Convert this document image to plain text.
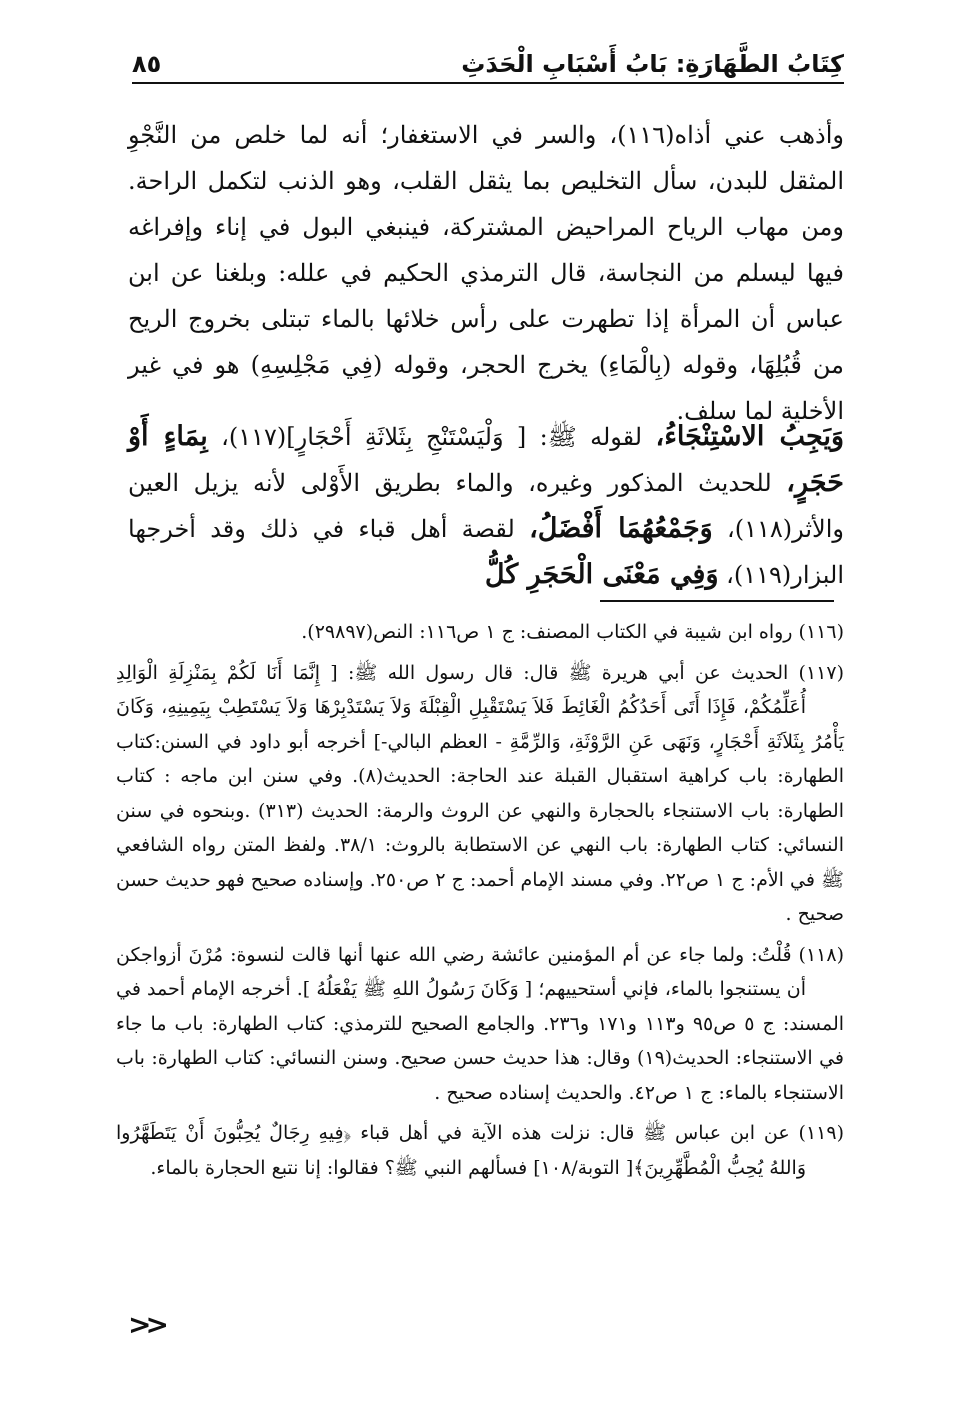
كِتَابُ الطَّهَارَةِ: بَابُ أَسْبَابِ الْحَدَثِ
٨٥

وأذهب عني أذاه(١١٦)، والسر في الاستغفار؛ أنه لما خلص من النَّجْوِ المثقل للبدن، سأل التخليص بما يثقل القلب، وهو الذنب لتكمل الراحة. ومن مهاب الرياح المراحيض المشتركة، فينبغي البول في إناء وإفراغه فيها ليسلم من النجاسة، قال الترمذي الحكيم في علله: وبلغنا عن ابن عباس أن المرأة إذا تطهرت على رأس خلائها بالماء تبتلى بخروج الريح من قُبُلِهَا، وقوله (بِالْمَاءِ) يخرج الحجر، وقوله (فِي مَجْلِسِهِ) هو في غير الأخلية لما سلف.

وَيَجِبُ الاسْتِنْجَاءُ، لقوله ﷺ: [ وَلْيَسْتَنْجِ بِثَلاثَةِ أَحْجَارٍ](١١٧)، بِمَاءٍ أَوْ حَجَرٍ، للحديث المذكور وغيره، والماء بطريق الأَوْلى لأنه يزيل العين والأثر(١١٨)، وَجَمْعُهُمَا أَفْضَلُ، لقصة أهل قباء في ذلك وقد أخرجها البزار(١١٩)، وَفِي مَعْنَى الْحَجَرِ كُلُّ

(١١٦) رواه ابن شيبة في الكتاب المصنف: ج ١ ص١١٦: النص(٢٩٨٩٧).

(١١٧) الحديث عن أبي هريرة ﷺ قال: قال رسول الله ﷺ: [ إِنَّمَا أَنَا لَكُمْ بِمَنْزِلَةِ الْوَالِدِ أُعَلِّمُكُمْ، فَإِذَا أَتَى أَحَدُكُمُ الْغَائِطَ فَلاَ يَسْتَقْبِلِ الْقِبْلَةَ وَلاَ يَسْتَدْبِرْهَا وَلاَ يَسْتَطِبْ بِيَمِينِهِ، وَكَانَ يَأْمُرُ بِثَلاَثَةِ أَحْجَارٍ، وَنَهَى عَنِ الرَّوْثَةِ، وَالرِّمَّةِ - العظم البالي-] أخرجه أبو داود في السنن:كتاب الطهارة: باب كراهية استقبال القبلة عند الحاجة: الحديث(٨). وفي سنن ابن ماجه : كتاب الطهارة: باب الاستنجاء بالحجارة والنهي عن الروث والرمة: الحديث (٣١٣) .وبنحوه في سنن النسائي: كتاب الطهارة: باب النهي عن الاستطابة بالروث: ٣٨/١. ولفظ المتن رواه الشافعي ﷺ في الأم: ج ١ ص٢٢. وفي مسند الإمام أحمد: ج ٢ ص٢٥٠. وإسناده صحيح فهو حديث حسن صحيح .

(١١٨) قُلْتُ: ولما جاء عن أم المؤمنين عائشة رضي الله عنها أنها قالت لنسوة: مُرْنَ أزواجكن أن يستنجوا بالماء، فإني أستحييهم؛ [ وَكَانَ رَسُولُ اللهِ ﷺ يَفْعَلُهُ ]. أخرجه الإمام أحمد في المسند: ج ٥ ص٩٥ و١١٣ و١٧١ و٢٣٦. والجامع الصحيح للترمذي: كتاب الطهارة: باب ما جاء في الاستنجاء: الحديث(١٩) وقال: هذا حديث حسن صحيح. وسنن النسائي: كتاب الطهارة: باب الاستنجاء بالماء: ج ١ ص٤٢. والحديث إسناده صحيح .

(١١٩) عن ابن عباس ﷺ قال: نزلت هذه الآية في أهل قباء ﴿فِيهِ رِجَالٌ يُحِبُّونَ أَنْ يَتَطَهَّرُوا وَاللهُ يُحِبُّ الْمُطَّهِّرِينَ﴾[ التوبة/١٠٨] فسألهم النبي ﷺ؟ فقالوا: إنا نتبع الحجارة بالماء.

<<
